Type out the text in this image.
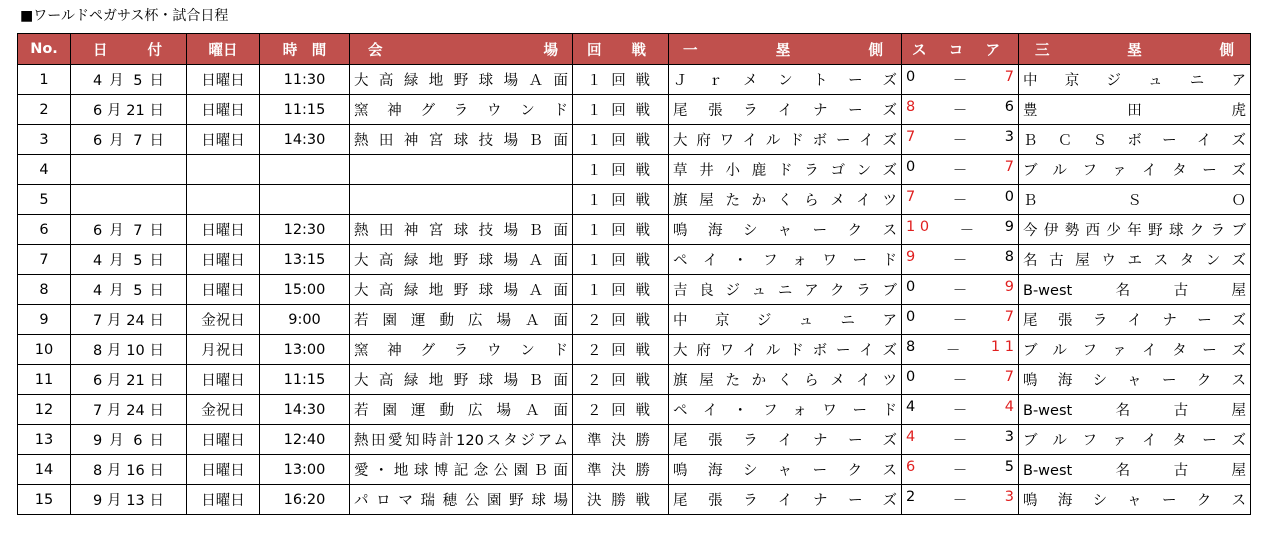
■ワールドペガサス杯・試合日程
No.	日　付	曜日	時　間	会　　　　　場	回　戦	一　　塁　　側	ス　コ　ア	三　　塁　　側
1	4 月 5 日	日曜日	11:30	大高緑地野球場Ａ面	１回戦	Ｊｒメントーズ	0 － 7	中京ジュニア
2	6 月 21 日	日曜日	11:15	窯神グラウンド	１回戦	尾張ライナーズ	8 － 6	豊田虎
3	6 月 7 日	日曜日	14:30	熱田神宮球技場Ｂ面	１回戦	大府ワイルドボーイズ	7 － 3	ＢＣＳボーイズ
4					１回戦	草井小鹿ドラゴンズ	0 － 7	ブルファイターズ
5					１回戦	旗屋たかくらメイツ	7 － 0	ＢＳＯ
6	6 月 7 日	日曜日	12:30	熱田神宮球技場Ｂ面	１回戦	鳴海シャークス	1 0 － 9	今伊勢西少年野球クラブ
7	4 月 5 日	日曜日	13:15	大高緑地野球場Ａ面	１回戦	ペイ・フォワード	9 － 8	名古屋ウエスタンズ
8	4 月 5 日	日曜日	15:00	大高緑地野球場Ａ面	１回戦	吉良ジュニアクラブ	0 － 9	B-west名古屋
9	7 月 24 日	金祝日	9:00	若園運動広場Ａ面	２回戦	中京ジュニア	0 － 7	尾張ライナーズ
10	8 月 10 日	月祝日	13:00	窯神グラウンド	２回戦	大府ワイルドボーイズ	8 － 1 1	ブルファイターズ
11	6 月 21 日	日曜日	11:15	大高緑地野球場Ｂ面	２回戦	旗屋たかくらメイツ	0 － 7	鳴海シャークス
12	7 月 24 日	金祝日	14:30	若園運動広場Ａ面	２回戦	ペイ・フォワード	4 － 4	B-west名古屋
13	9 月 6 日	日曜日	12:40	熱田愛知時計120スタジアム	準決勝	尾張ライナーズ	4 － 3	ブルファイターズ
14	8 月 16 日	日曜日	13:00	愛・地球博記念公園Ｂ面	準決勝	鳴海シャークス	6 － 5	B-west名古屋
15	9 月 13 日	日曜日	16:20	パロマ瑞穂公園野球場	決勝戦	尾張ライナーズ	2 － 3	鳴海シャークス
